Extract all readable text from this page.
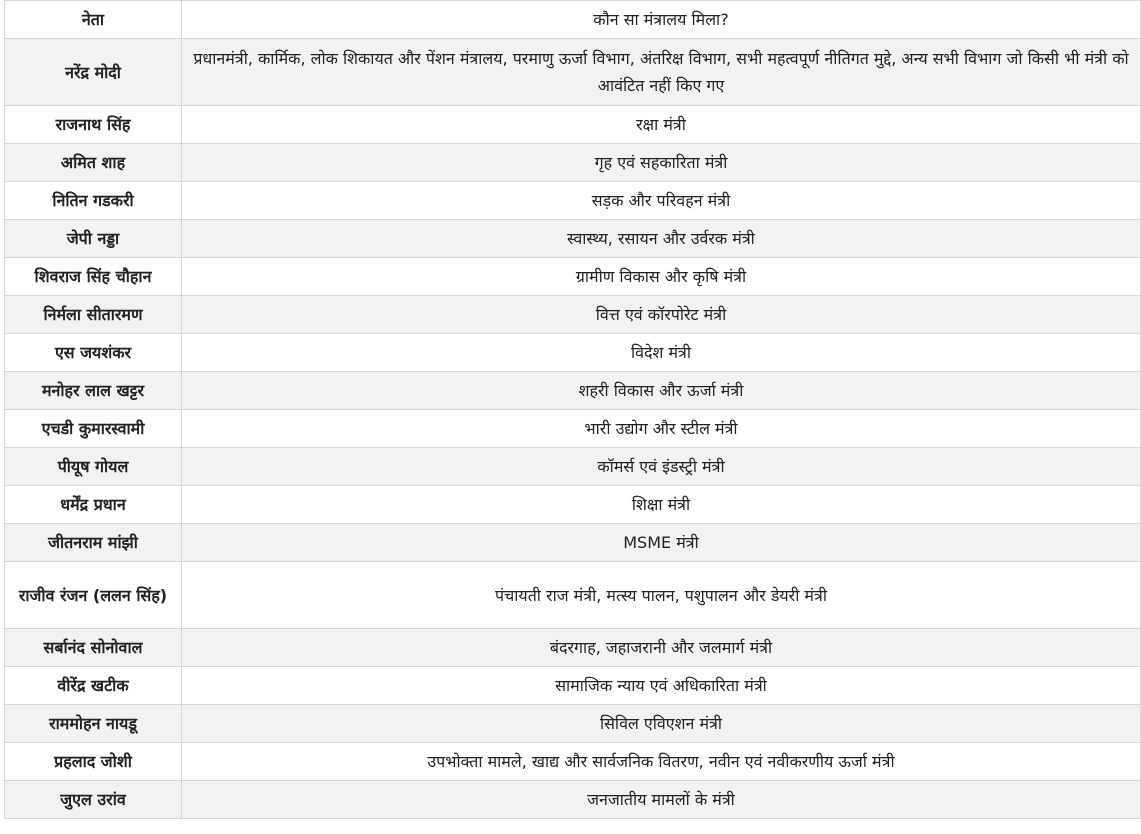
नेता	कौन सा मंत्रालय मिला?
नरेंद्र मोदी	प्रधानमंत्री, कार्मिक, लोक शिकायत और पेंशन मंत्रालय, परमाणु ऊर्जा विभाग, अंतरिक्ष विभाग, सभी महत्वपूर्ण नीतिगत मुद्दे, अन्य सभी विभाग जो किसी भी मंत्री को आवंटित नहीं किए गए
राजनाथ सिंह	रक्षा मंत्री
अमित शाह	गृह एवं सहकारिता मंत्री
नितिन गडकरी	सड़क और परिवहन मंत्री
जेपी नड्डा	स्वास्थ्य, रसायन और उर्वरक मंत्री
शिवराज सिंह चौहान	ग्रामीण विकास और कृषि मंत्री
निर्मला सीतारमण	वित्त एवं कॉरपोरेट मंत्री
एस जयशंकर	विदेश मंत्री
मनोहर लाल खट्टर	शहरी विकास और ऊर्जा मंत्री
एचडी कुमारस्वामी	भारी उद्योग और स्टील मंत्री
पीयूष गोयल	कॉमर्स एवं इंडस्ट्री मंत्री
धर्मेंद्र प्रधान	शिक्षा मंत्री
जीतनराम मांझी	MSME मंत्री
राजीव रंजन (ललन सिंह)	पंचायती राज मंत्री, मत्स्य पालन, पशुपालन और डेयरी मंत्री
सर्बानंद सोनोवाल	बंदरगाह, जहाजरानी और जलमार्ग मंत्री
वीरेंद्र खटीक	सामाजिक न्याय एवं अधिकारिता मंत्री
राममोहन नायडू	सिविल एविएशन मंत्री
प्रहलाद जोशी	उपभोक्ता मामले, खाद्य और सार्वजनिक वितरण, नवीन एवं नवीकरणीय ऊर्जा मंत्री
जुएल उरांव	जनजातीय मामलों के मंत्री
